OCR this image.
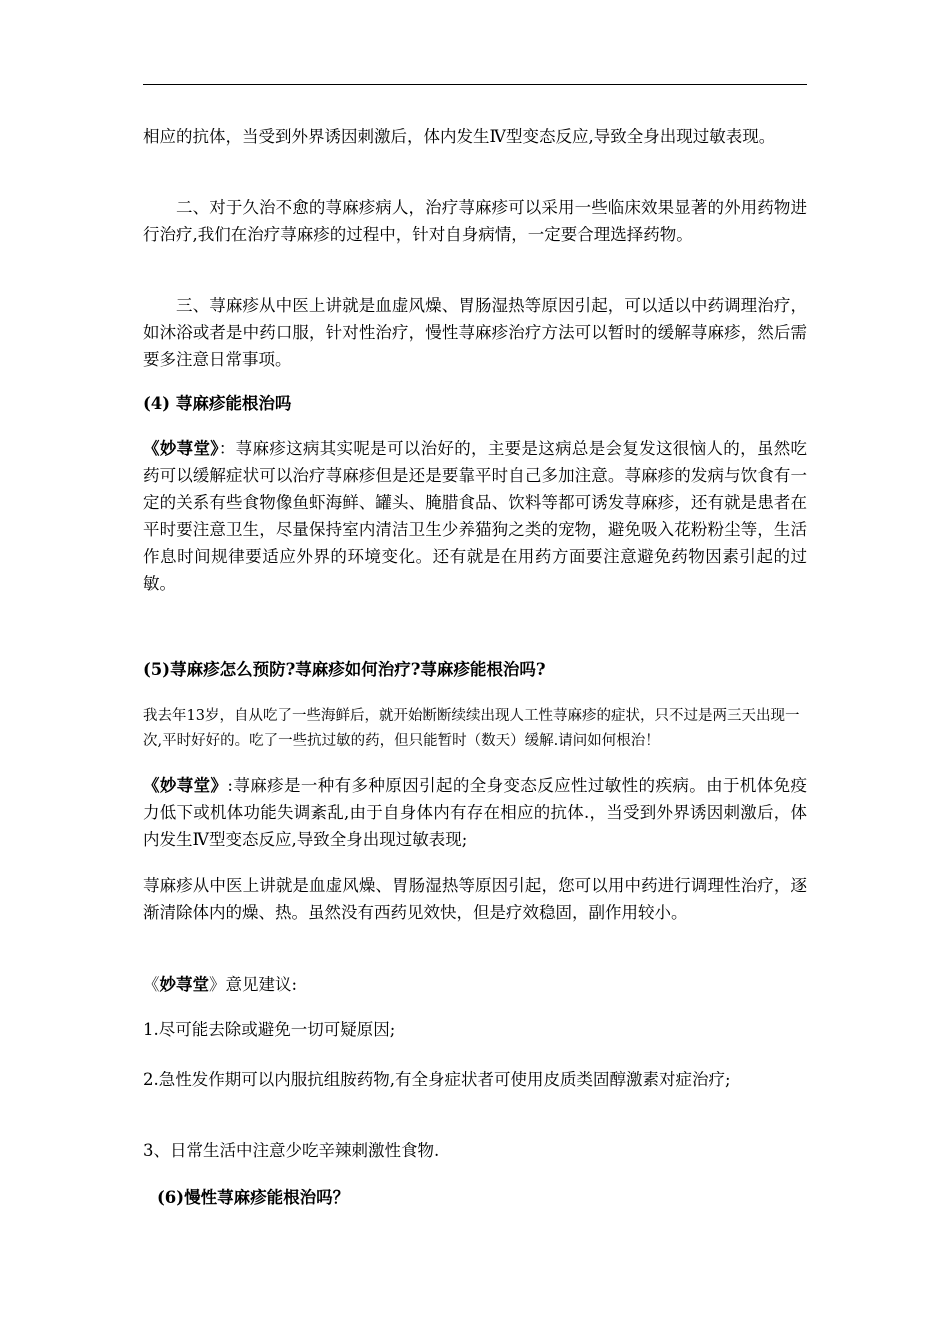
相应的抗体，当受到外界诱因刺激后，体内发生Ⅳ型变态反应,导致全身出现过敏表现。

二、对于久治不愈的荨麻疹病人，治疗荨麻疹可以采用一些临床效果显著的外用药物进行治疗,我们在治疗荨麻疹的过程中，针对自身病情，一定要合理选择药物。

三、荨麻疹从中医上讲就是血虚风燥、胃肠湿热等原因引起，可以适以中药调理治疗，如沐浴或者是中药口服，针对性治疗，慢性荨麻疹治疗方法可以暂时的缓解荨麻疹，然后需要多注意日常事项。

(4) 荨麻疹能根治吗

《妙荨堂》：荨麻疹这病其实呢是可以治好的，主要是这病总是会复发这很恼人的，虽然吃药可以缓解症状可以治疗荨麻疹但是还是要靠平时自己多加注意。荨麻疹的发病与饮食有一定的关系有些食物像鱼虾海鲜、罐头、腌腊食品、饮料等都可诱发荨麻疹，还有就是患者在平时要注意卫生，尽量保持室内清洁卫生少养猫狗之类的宠物，避免吸入花粉粉尘等，生活作息时间规律要适应外界的环境变化。还有就是在用药方面要注意避免药物因素引起的过敏。

(5)荨麻疹怎么预防?荨麻疹如何治疗?荨麻疹能根治吗?

我去年13岁，自从吃了一些海鲜后，就开始断断续续出现人工性荨麻疹的症状，只不过是两三天出现一次,平时好好的。吃了一些抗过敏的药，但只能暂时（数天）缓解.请问如何根治！

《妙荨堂》:荨麻疹是一种有多种原因引起的全身变态反应性过敏性的疾病。由于机体免疫力低下或机体功能失调紊乱,由于自身体内有存在相应的抗体.，当受到外界诱因刺激后，体内发生Ⅳ型变态反应,导致全身出现过敏表现;

荨麻疹从中医上讲就是血虚风燥、胃肠湿热等原因引起，您可以用中药进行调理性治疗，逐渐清除体内的燥、热。虽然没有西药见效快，但是疗效稳固，副作用较小。

《妙荨堂》意见建议:

1.尽可能去除或避免一切可疑原因;

2.急性发作期可以内服抗组胺药物,有全身症状者可使用皮质类固醇激素对症治疗;

3、日常生活中注意少吃辛辣刺激性食物.

(6)慢性荨麻疹能根治吗？
